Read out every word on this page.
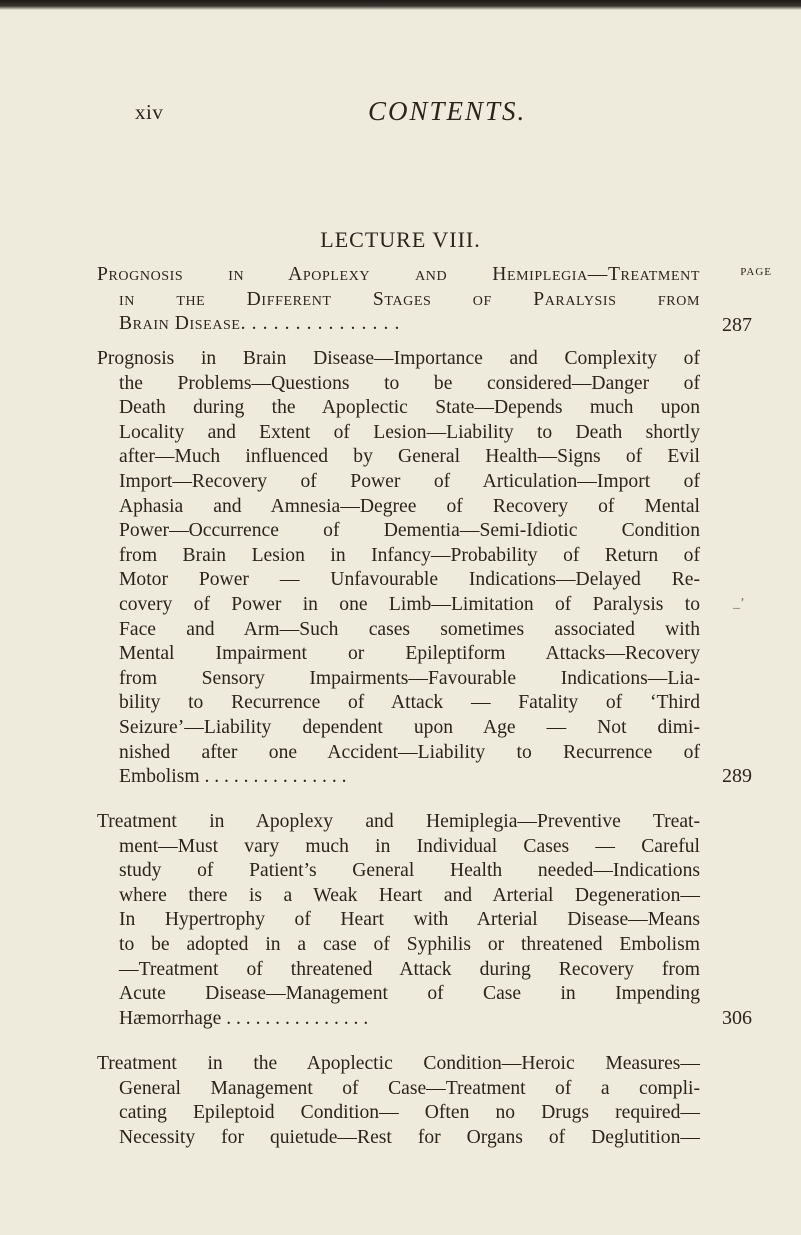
xiv	CONTENTS.
LECTURE VIII.
PAGE
Prognosis in Apoplexy and Hemiplegia—Treatment
in the Different Stages of Paralysis from
Brain Disease. . . . . . . . . . . . . . .	287
Prognosis in Brain Disease—Importance and Complexity of
the Problems—Questions to be considered—Danger of
Death during the Apoplectic State—Depends much upon
Locality and Extent of Lesion—Liability to Death shortly
after—Much influenced by General Health—Signs of Evil
Import—Recovery of Power of Articulation—Import of
Aphasia and Amnesia—Degree of Recovery of Mental
Power—Occurrence of Dementia—Semi-Idiotic Condition
from Brain Lesion in Infancy—Probability of Return of
Motor Power — Unfavourable Indications—Delayed Re-
covery of Power in one Limb—Limitation of Paralysis to
Face and Arm—Such cases sometimes associated with
Mental Impairment or Epileptiform Attacks—Recovery
from Sensory Impairments—Favourable Indications—Lia-
bility to Recurrence of Attack — Fatality of ‘Third
Seizure’—Liability dependent upon Age — Not dimi-
nished after one Accident—Liability to Recurrence of
Embolism . . . . . . . . . . . . . . .	289
_’
Treatment in Apoplexy and Hemiplegia—Preventive Treat-
ment—Must vary much in Individual Cases — Careful
study of Patient’s General Health needed—Indications
where there is a Weak Heart and Arterial Degeneration—
In Hypertrophy of Heart with Arterial Disease—Means
to be adopted in a case of Syphilis or threatened Embolism
—Treatment of threatened Attack during Recovery from
Acute Disease—Management of Case in Impending
Hæmorrhage . . . . . . . . . . . . . . .	306
Treatment in the Apoplectic Condition—Heroic Measures—
General Management of Case—Treatment of a compli-
cating Epileptoid Condition— Often no Drugs required—
Necessity for quietude—Rest for Organs of Deglutition—
